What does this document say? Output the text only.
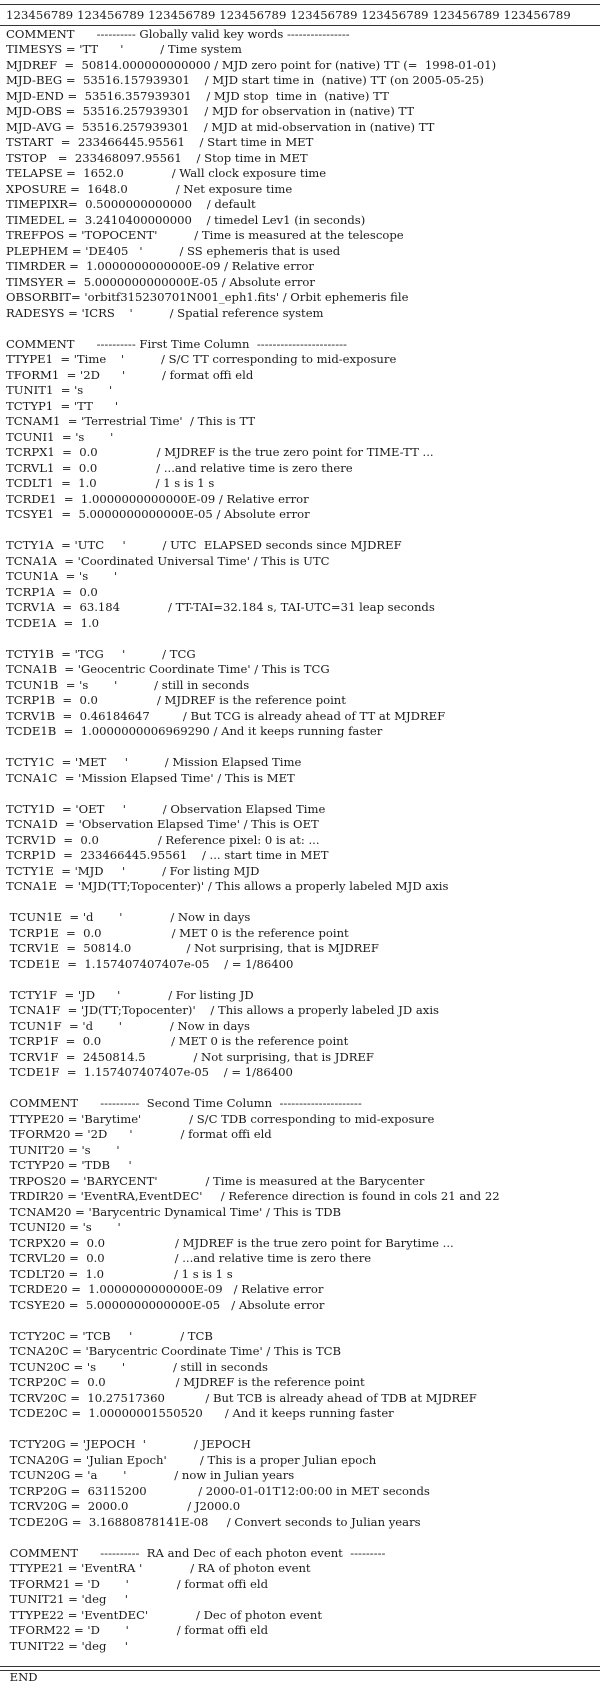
123456789 123456789 123456789 123456789 123456789 123456789 123456789 123456789
COMMENT      ---------- Globally valid key words ----------------
TIMESYS = 'TT      '          / Time system
MJDREF  =  50814.000000000000 / MJD zero point for (native) TT (=  1998-01-01)
MJD-BEG =  53516.157939301    / MJD start time in  (native) TT (on 2005-05-25)
MJD-END =  53516.357939301    / MJD stop  time in  (native) TT
MJD-OBS =  53516.257939301    / MJD for observation in (native) TT
MJD-AVG =  53516.257939301    / MJD at mid-observation in (native) TT
TSTART  =  233466445.95561    / Start time in MET
TSTOP   =  233468097.95561    / Stop time in MET
TELAPSE =  1652.0             / Wall clock exposure time
XPOSURE =  1648.0             / Net exposure time
TIMEPIXR=  0.5000000000000    / default
TIMEDEL =  3.2410400000000    / timedel Lev1 (in seconds)
TREFPOS = 'TOPOCENT'          / Time is measured at the telescope
PLEPHEM = 'DE405   '          / SS ephemeris that is used
TIMRDER =  1.0000000000000E-09 / Relative error
TIMSYER =  5.0000000000000E-05 / Absolute error
OBSORBIT= 'orbitf315230701N001_eph1.fits' / Orbit ephemeris file
RADESYS = 'ICRS    '          / Spatial reference system
COMMENT      ---------- First Time Column  -----------------------
TTYPE1  = 'Time    '          / S/C TT corresponding to mid-exposure
TFORM1  = '2D      '          / format offi eld
TUNIT1  = 's       '
TCTYP1  = 'TT      '
TCNAM1  = 'Terrestrial Time'  / This is TT
TCUNI1  = 's       '
TCRPX1  =  0.0                / MJDREF is the true zero point for TIME-TT ...
TCRVL1  =  0.0                / ...and relative time is zero there
TCDLT1  =  1.0                / 1 s is 1 s
TCRDE1  =  1.0000000000000E-09 / Relative error
TCSYE1  =  5.0000000000000E-05 / Absolute error
TCTY1A  = 'UTC     '          / UTC  ELAPSED seconds since MJDREF
TCNA1A  = 'Coordinated Universal Time' / This is UTC
TCUN1A  = 's       '
TCRP1A  =  0.0
TCRV1A  =  63.184             / TT-TAI=32.184 s, TAI-UTC=31 leap seconds
TCDE1A  =  1.0
TCTY1B  = 'TCG     '          / TCG
TCNA1B  = 'Geocentric Coordinate Time' / This is TCG
TCUN1B  = 's       '          / still in seconds
TCRP1B  =  0.0                / MJDREF is the reference point
TCRV1B  =  0.46184647         / But TCG is already ahead of TT at MJDREF
TCDE1B  =  1.0000000006969290 / And it keeps running faster
TCTY1C  = 'MET     '          / Mission Elapsed Time
TCNA1C  = 'Mission Elapsed Time' / This is MET
TCTY1D  = 'OET     '          / Observation Elapsed Time
TCNA1D  = 'Observation Elapsed Time' / This is OET
TCRV1D  =  0.0                / Reference pixel: 0 is at: ...
TCRP1D  =  233466445.95561    / ... start time in MET
TCTY1E  = 'MJD     '          / For listing MJD
TCNA1E  = 'MJD(TT;Topocenter)' / This allows a properly labeled MJD axis
TCUN1E  = 'd       '             / Now in days
TCRP1E  =  0.0                   / MET 0 is the reference point
TCRV1E  =  50814.0               / Not surprising, that is MJDREF
TCDE1E  =  1.157407407407e-05    / = 1/86400
TCTY1F  = 'JD      '             / For listing JD
TCNA1F  = 'JD(TT;Topocenter)'    / This allows a properly labeled JD axis
TCUN1F  = 'd       '             / Now in days
TCRP1F  =  0.0                   / MET 0 is the reference point
TCRV1F  =  2450814.5             / Not surprising, that is JDREF
TCDE1F  =  1.157407407407e-05    / = 1/86400
COMMENT      ----------  Second Time Column  ---------------------
TTYPE20 = 'Barytime'             / S/C TDB corresponding to mid-exposure
TFORM20 = '2D      '             / format offi eld
TUNIT20 = 's       '
TCTYP20 = 'TDB     '
TRPOS20 = 'BARYCENT'             / Time is measured at the Barycenter
TRDIR20 = 'EventRA,EventDEC'     / Reference direction is found in cols 21 and 22
TCNAM20 = 'Barycentric Dynamical Time' / This is TDB
TCUNI20 = 's       '
TCRPX20 =  0.0                   / MJDREF is the true zero point for Barytime ...
TCRVL20 =  0.0                   / ...and relative time is zero there
TCDLT20 =  1.0                   / 1 s is 1 s
TCRDE20 =  1.0000000000000E-09   / Relative error
TCSYE20 =  5.0000000000000E-05   / Absolute error
TCTY20C = 'TCB     '             / TCB
TCNA20C = 'Barycentric Coordinate Time' / This is TCB
TCUN20C = 's       '             / still in seconds
TCRP20C =  0.0                   / MJDREF is the reference point
TCRV20C =  10.27517360           / But TCB is already ahead of TDB at MJDREF
TCDE20C =  1.00000001550520      / And it keeps running faster
TCTY20G = 'JEPOCH  '             / JEPOCH
TCNA20G = 'Julian Epoch'         / This is a proper Julian epoch
TCUN20G = 'a       '             / now in Julian years
TCRP20G =  63115200              / 2000-01-01T12:00:00 in MET seconds
TCRV20G =  2000.0                / J2000.0
TCDE20G =  3.16880878141E-08     / Convert seconds to Julian years
COMMENT      ----------  RA and Dec of each photon event  ---------
TTYPE21 = 'EventRA '             / RA of photon event
TFORM21 = 'D       '             / format offi eld
TUNIT21 = 'deg     '
TTYPE22 = 'EventDEC'             / Dec of photon event
TFORM22 = 'D       '             / format offi eld
TUNIT22 = 'deg     '
END
